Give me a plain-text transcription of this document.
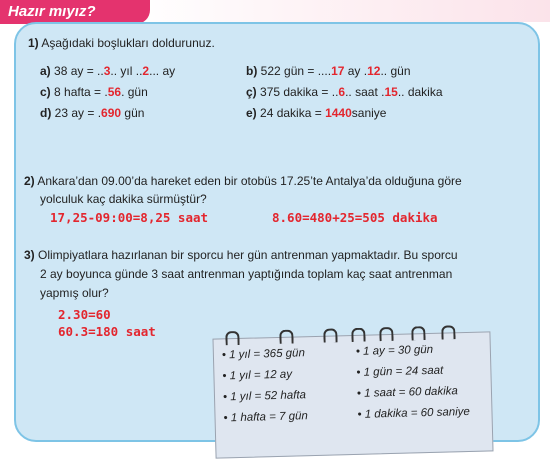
Hazır mıyız?
1) Aşağıdaki boşlukları doldurunuz.
a) 38 ay = ..3.. yıl ..2... ay	b) 522 gün = ....17 ay .12.. gün
c) 8 hafta = .56. gün	ç) 375 dakika = ..6.. saat .15.. dakika
d) 23 ay = .690 gün	e) 24 dakika = 1440saniye
2) Ankara’dan 09.00’da hareket eden bir otobüs 17.25’te Antalya’da olduğuna göre
yolculuk kaç dakika sürmüştür?
17,25-09:00=8,25 saat	8.60=480+25=505 dakika
3) Olimpiyatlara hazırlanan bir sporcu her gün antrenman yapmaktadır. Bu sporcu
2 ay boyunca günde 3 saat antrenman yaptığında toplam kaç saat antrenman
yapmış olur?
2.30=60
60.3=180 saat
• 1 yıl = 365 gün
• 1 yıl = 12 ay
• 1 yıl = 52 hafta
• 1 hafta = 7 gün
• 1 ay = 30 gün
• 1 gün = 24 saat
• 1 saat = 60 dakika
• 1 dakika = 60 saniye
